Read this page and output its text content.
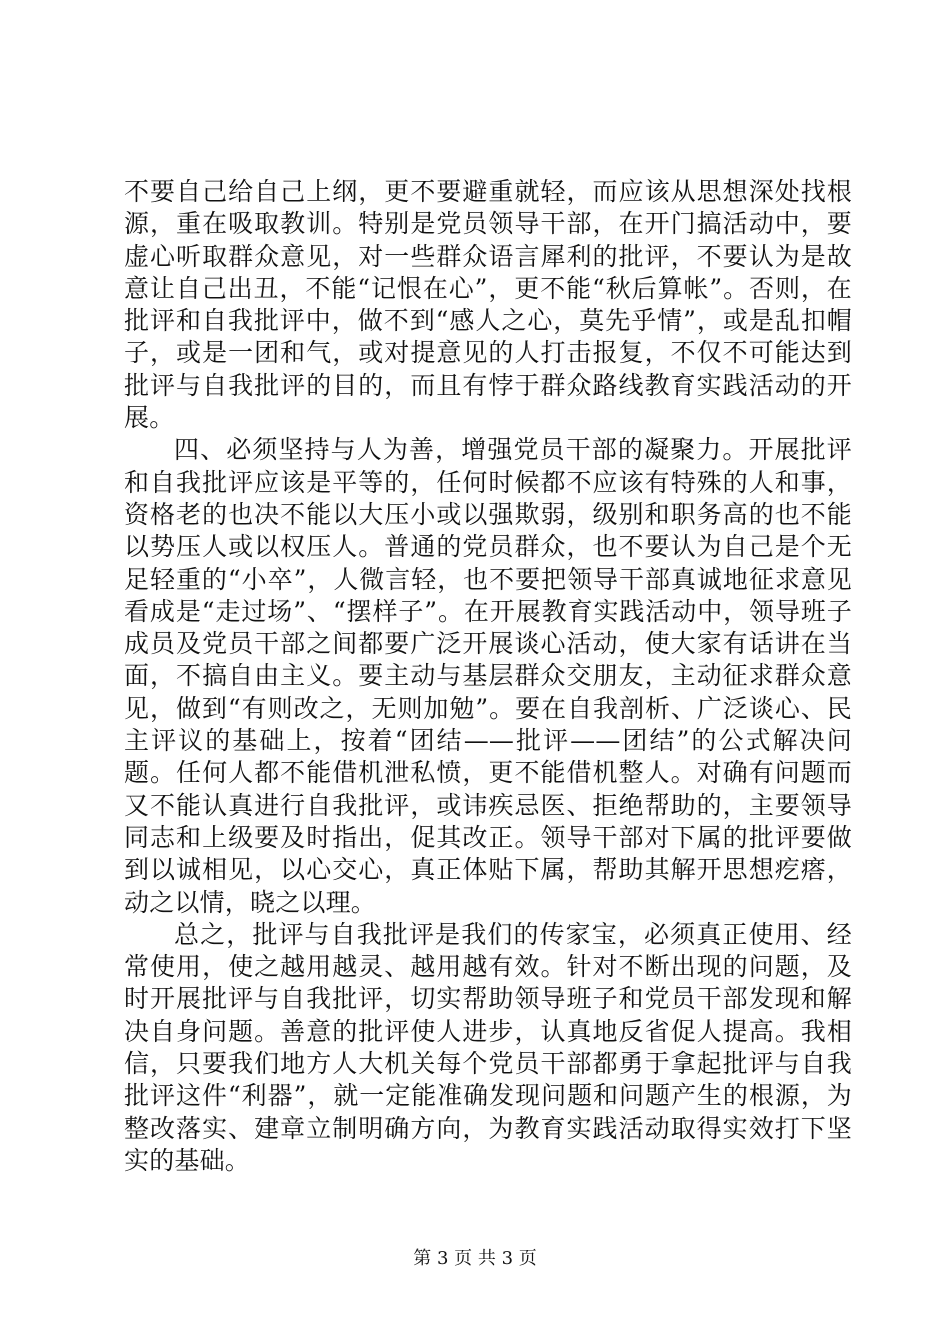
不要自己给自己上纲，更不要避重就轻，而应该从思想深处找根源，重在吸取教训。特别是党员领导干部，在开门搞活动中，要虚心听取群众意见，对一些群众语言犀利的批评，不要认为是故意让自己出丑，不能“记恨在心”，更不能“秋后算帐”。否则，在批评和自我批评中，做不到“感人之心，莫先乎情”，或是乱扣帽子，或是一团和气，或对提意见的人打击报复，不仅不可能达到批评与自我批评的目的，而且有悖于群众路线教育实践活动的开展。

四、必须坚持与人为善，增强党员干部的凝聚力。开展批评和自我批评应该是平等的，任何时候都不应该有特殊的人和事，资格老的也决不能以大压小或以强欺弱，级别和职务高的也不能以势压人或以权压人。普通的党员群众，也不要认为自己是个无足轻重的“小卒”，人微言轻，也不要把领导干部真诚地征求意见看成是“走过场”、“摆样子”。在开展教育实践活动中，领导班子成员及党员干部之间都要广泛开展谈心活动，使大家有话讲在当面，不搞自由主义。要主动与基层群众交朋友，主动征求群众意见，做到“有则改之，无则加勉”。要在自我剖析、广泛谈心、民主评议的基础上，按着“团结——批评——团结”的公式解决问题。任何人都不能借机泄私愤，更不能借机整人。对确有问题而又不能认真进行自我批评，或讳疾忌医、拒绝帮助的，主要领导同志和上级要及时指出，促其改正。领导干部对下属的批评要做到以诚相见，以心交心，真正体贴下属，帮助其解开思想疙瘩，动之以情，晓之以理。

总之，批评与自我批评是我们的传家宝，必须真正使用、经常使用，使之越用越灵、越用越有效。针对不断出现的问题，及时开展批评与自我批评，切实帮助领导班子和党员干部发现和解决自身问题。善意的批评使人进步，认真地反省促人提高。我相信，只要我们地方人大机关每个党员干部都勇于拿起批评与自我批评这件“利器”，就一定能准确发现问题和问题产生的根源，为整改落实、建章立制明确方向，为教育实践活动取得实效打下坚实的基础。

第 3 页 共 3 页
